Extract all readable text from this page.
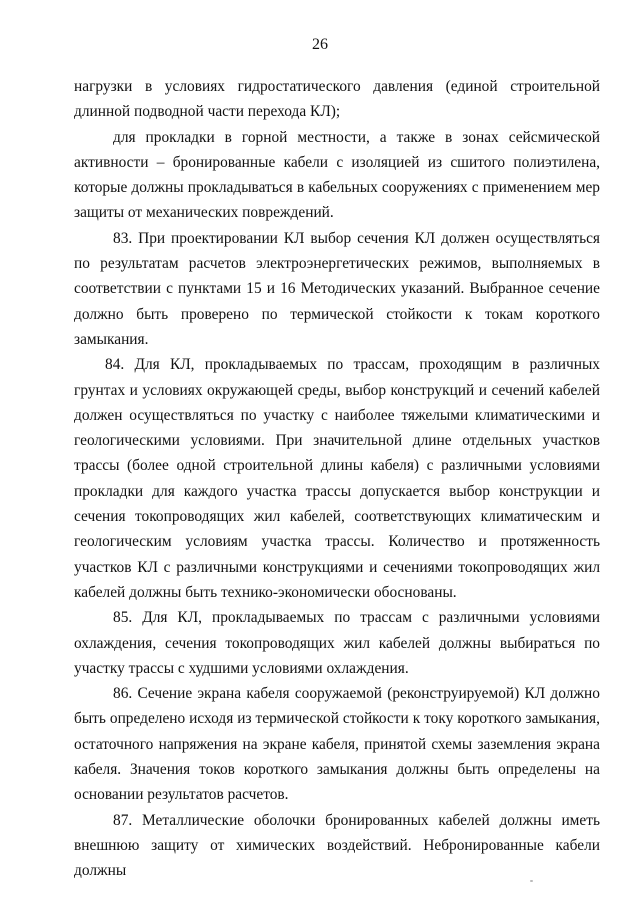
26

нагрузки в условиях гидростатического давления (единой строительной длинной подводной части перехода КЛ);

для прокладки в горной местности, а также в зонах сейсмической активности – бронированные кабели с изоляцией из сшитого полиэтилена, которые должны прокладываться в кабельных сооружениях с применением мер защиты от механических повреждений.

83. При проектировании КЛ выбор сечения КЛ должен осуществляться по результатам расчетов электроэнергетических режимов, выполняемых в соответствии с пунктами 15 и 16 Методических указаний. Выбранное сечение должно быть проверено по термической стойкости к токам короткого замыкания.

84. Для КЛ, прокладываемых по трассам, проходящим в различных грунтах и условиях окружающей среды, выбор конструкций и сечений кабелей должен осуществляться по участку с наиболее тяжелыми климатическими и геологическими условиями. При значительной длине отдельных участков трассы (более одной строительной длины кабеля) с различными условиями прокладки для каждого участка трассы допускается выбор конструкции и сечения токопроводящих жил кабелей, соответствующих климатическим и геологическим условиям участка трассы. Количество и протяженность участков КЛ с различными конструкциями и сечениями токопроводящих жил кабелей должны быть технико-экономически обоснованы.

85. Для КЛ, прокладываемых по трассам с различными условиями охлаждения, сечения токопроводящих жил кабелей должны выбираться по участку трассы с худшими условиями охлаждения.

86. Сечение экрана кабеля сооружаемой (реконструируемой) КЛ должно быть определено исходя из термической стойкости к току короткого замыкания, остаточного напряжения на экране кабеля, принятой схемы заземления экрана кабеля. Значения токов короткого замыкания должны быть определены на основании результатов расчетов.

87. Металлические оболочки бронированных кабелей должны иметь внешнюю защиту от химических воздействий. Небронированные кабели должны
